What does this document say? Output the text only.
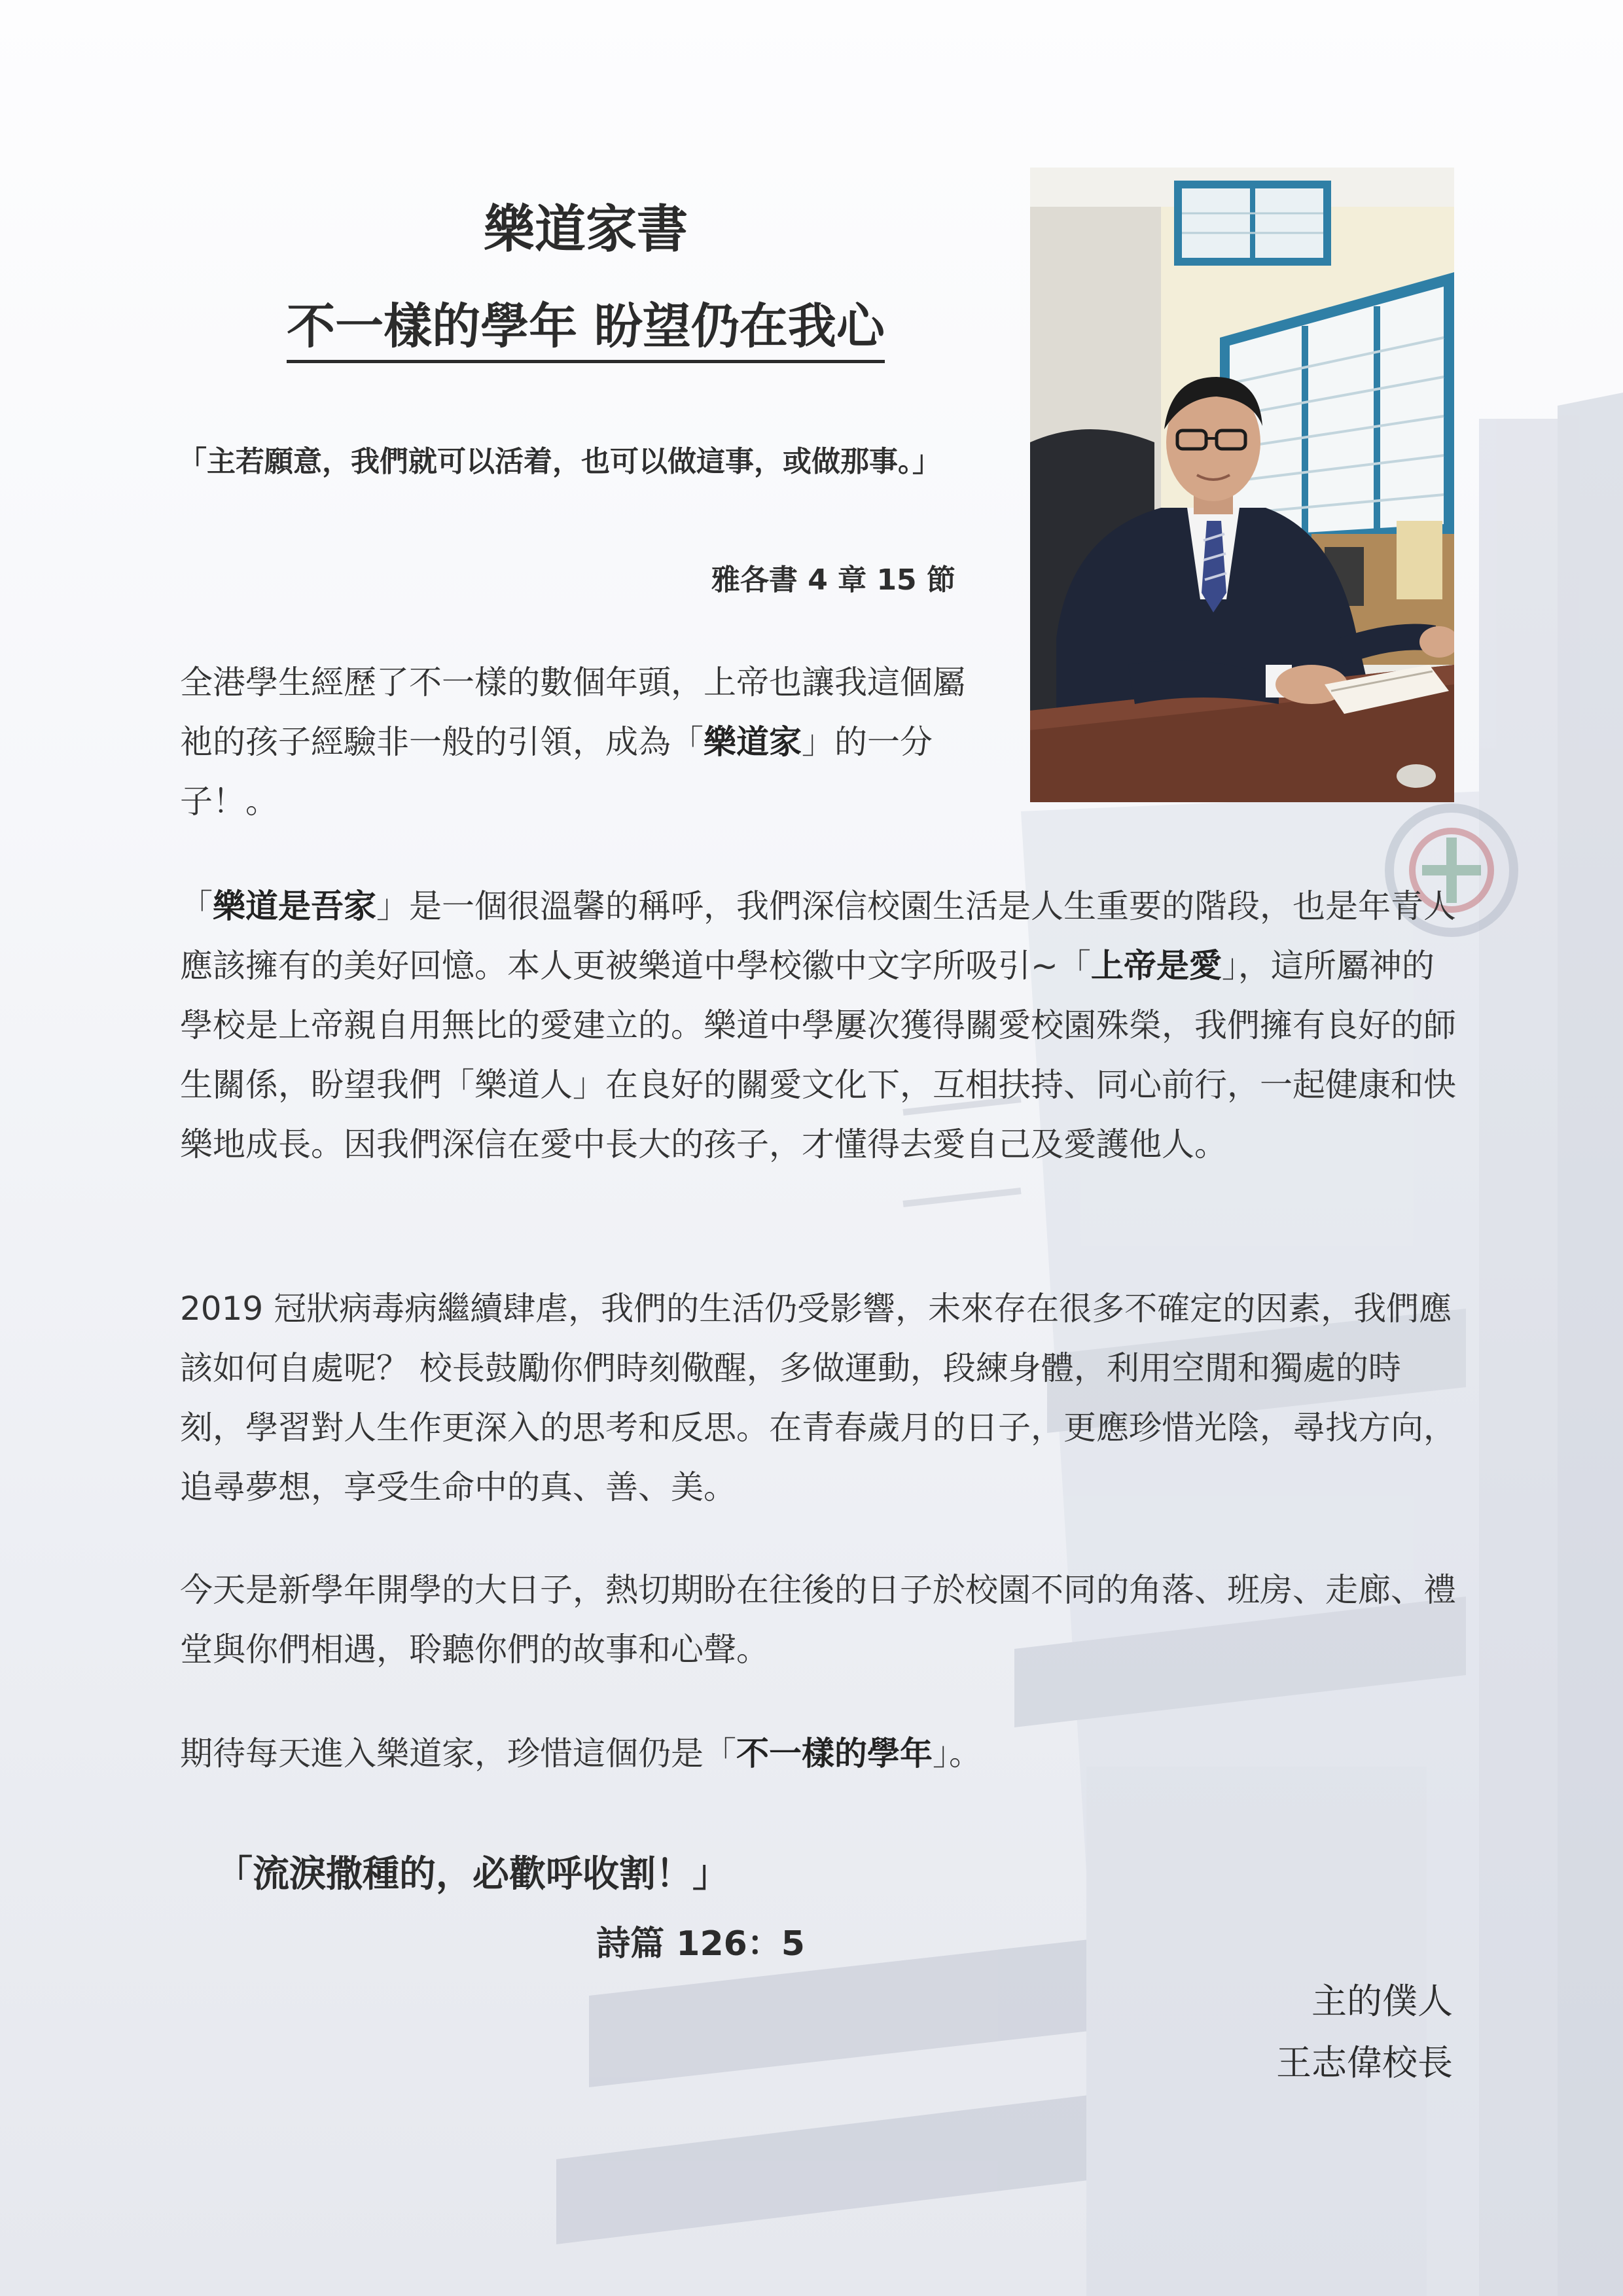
樂道家書
不一樣的學年 盼望仍在我心

「主若願意，我們就可以活着，也可以做這事，或做那事。」

雅各書 4 章 15 節

全港學生經歷了不一樣的數個年頭，上帝也讓我這個屬祂的孩子經驗非一般的引領，成為「樂道家」的一分子！。

「樂道是吾家」是一個很溫馨的稱呼，我們深信校園生活是人生重要的階段，也是年青人應該擁有的美好回憶。本人更被樂道中學校徽中文字所吸引~「上帝是愛」，這所屬神的學校是上帝親自用無比的愛建立的。樂道中學屢次獲得關愛校園殊榮，我們擁有良好的師生關係，盼望我們「樂道人」在良好的關愛文化下，互相扶持、同心前行，一起健康和快樂地成長。因我們深信在愛中長大的孩子，才懂得去愛自己及愛護他人。

2019 冠狀病毒病繼續肆虐，我們的生活仍受影響，未來存在很多不確定的因素，我們應該如何自處呢？ 校長鼓勵你們時刻儆醒，多做運動，段練身體，利用空閒和獨處的時刻，學習對人生作更深入的思考和反思。在青春歲月的日子，更應珍惜光陰，尋找方向，追尋夢想，享受生命中的真、善、美。

今天是新學年開學的大日子，熱切期盼在往後的日子於校園不同的角落、班房、走廊、禮堂與你們相遇，聆聽你們的故事和心聲。

期待每天進入樂道家，珍惜這個仍是「不一樣的學年」。

「流淚撒種的，必歡呼收割！」
詩篇 126：5
主的僕人
王志偉校長
